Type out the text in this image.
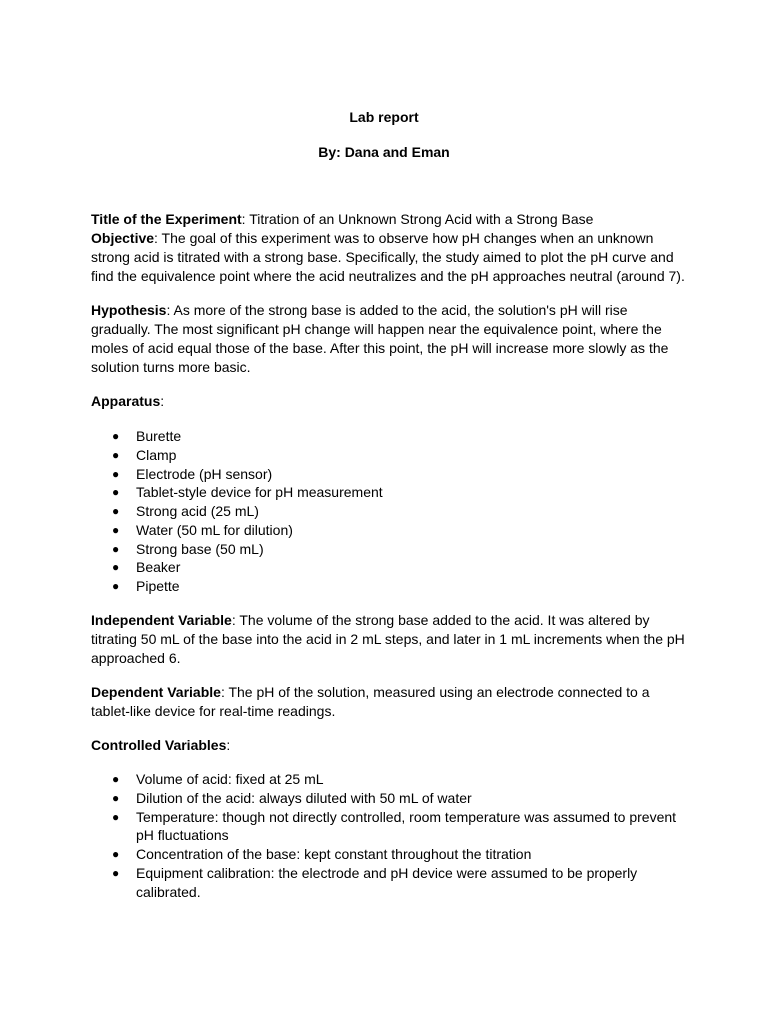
Lab report
By: Dana and Eman

Title of the Experiment: Titration of an Unknown Strong Acid with a Strong Base

Objective: The goal of this experiment was to observe how pH changes when an unknown strong acid is titrated with a strong base. Specifically, the study aimed to plot the pH curve and find the equivalence point where the acid neutralizes and the pH approaches neutral (around 7).

Hypothesis: As more of the strong base is added to the acid, the solution's pH will rise gradually. The most significant pH change will happen near the equivalence point, where the moles of acid equal those of the base. After this point, the pH will increase more slowly as the solution turns more basic.

Apparatus:

● Burette
● Clamp
● Electrode (pH sensor)
● Tablet-style device for pH measurement
● Strong acid (25 mL)
● Water (50 mL for dilution)
● Strong base (50 mL)
● Beaker
● Pipette

Independent Variable: The volume of the strong base added to the acid. It was altered by titrating 50 mL of the base into the acid in 2 mL steps, and later in 1 mL increments when the pH approached 6.

Dependent Variable: The pH of the solution, measured using an electrode connected to a tablet-like device for real-time readings.

Controlled Variables:

● Volume of acid: fixed at 25 mL
● Dilution of the acid: always diluted with 50 mL of water
● Temperature: though not directly controlled, room temperature was assumed to prevent pH fluctuations
● Concentration of the base: kept constant throughout the titration
● Equipment calibration: the electrode and pH device were assumed to be properly calibrated.
